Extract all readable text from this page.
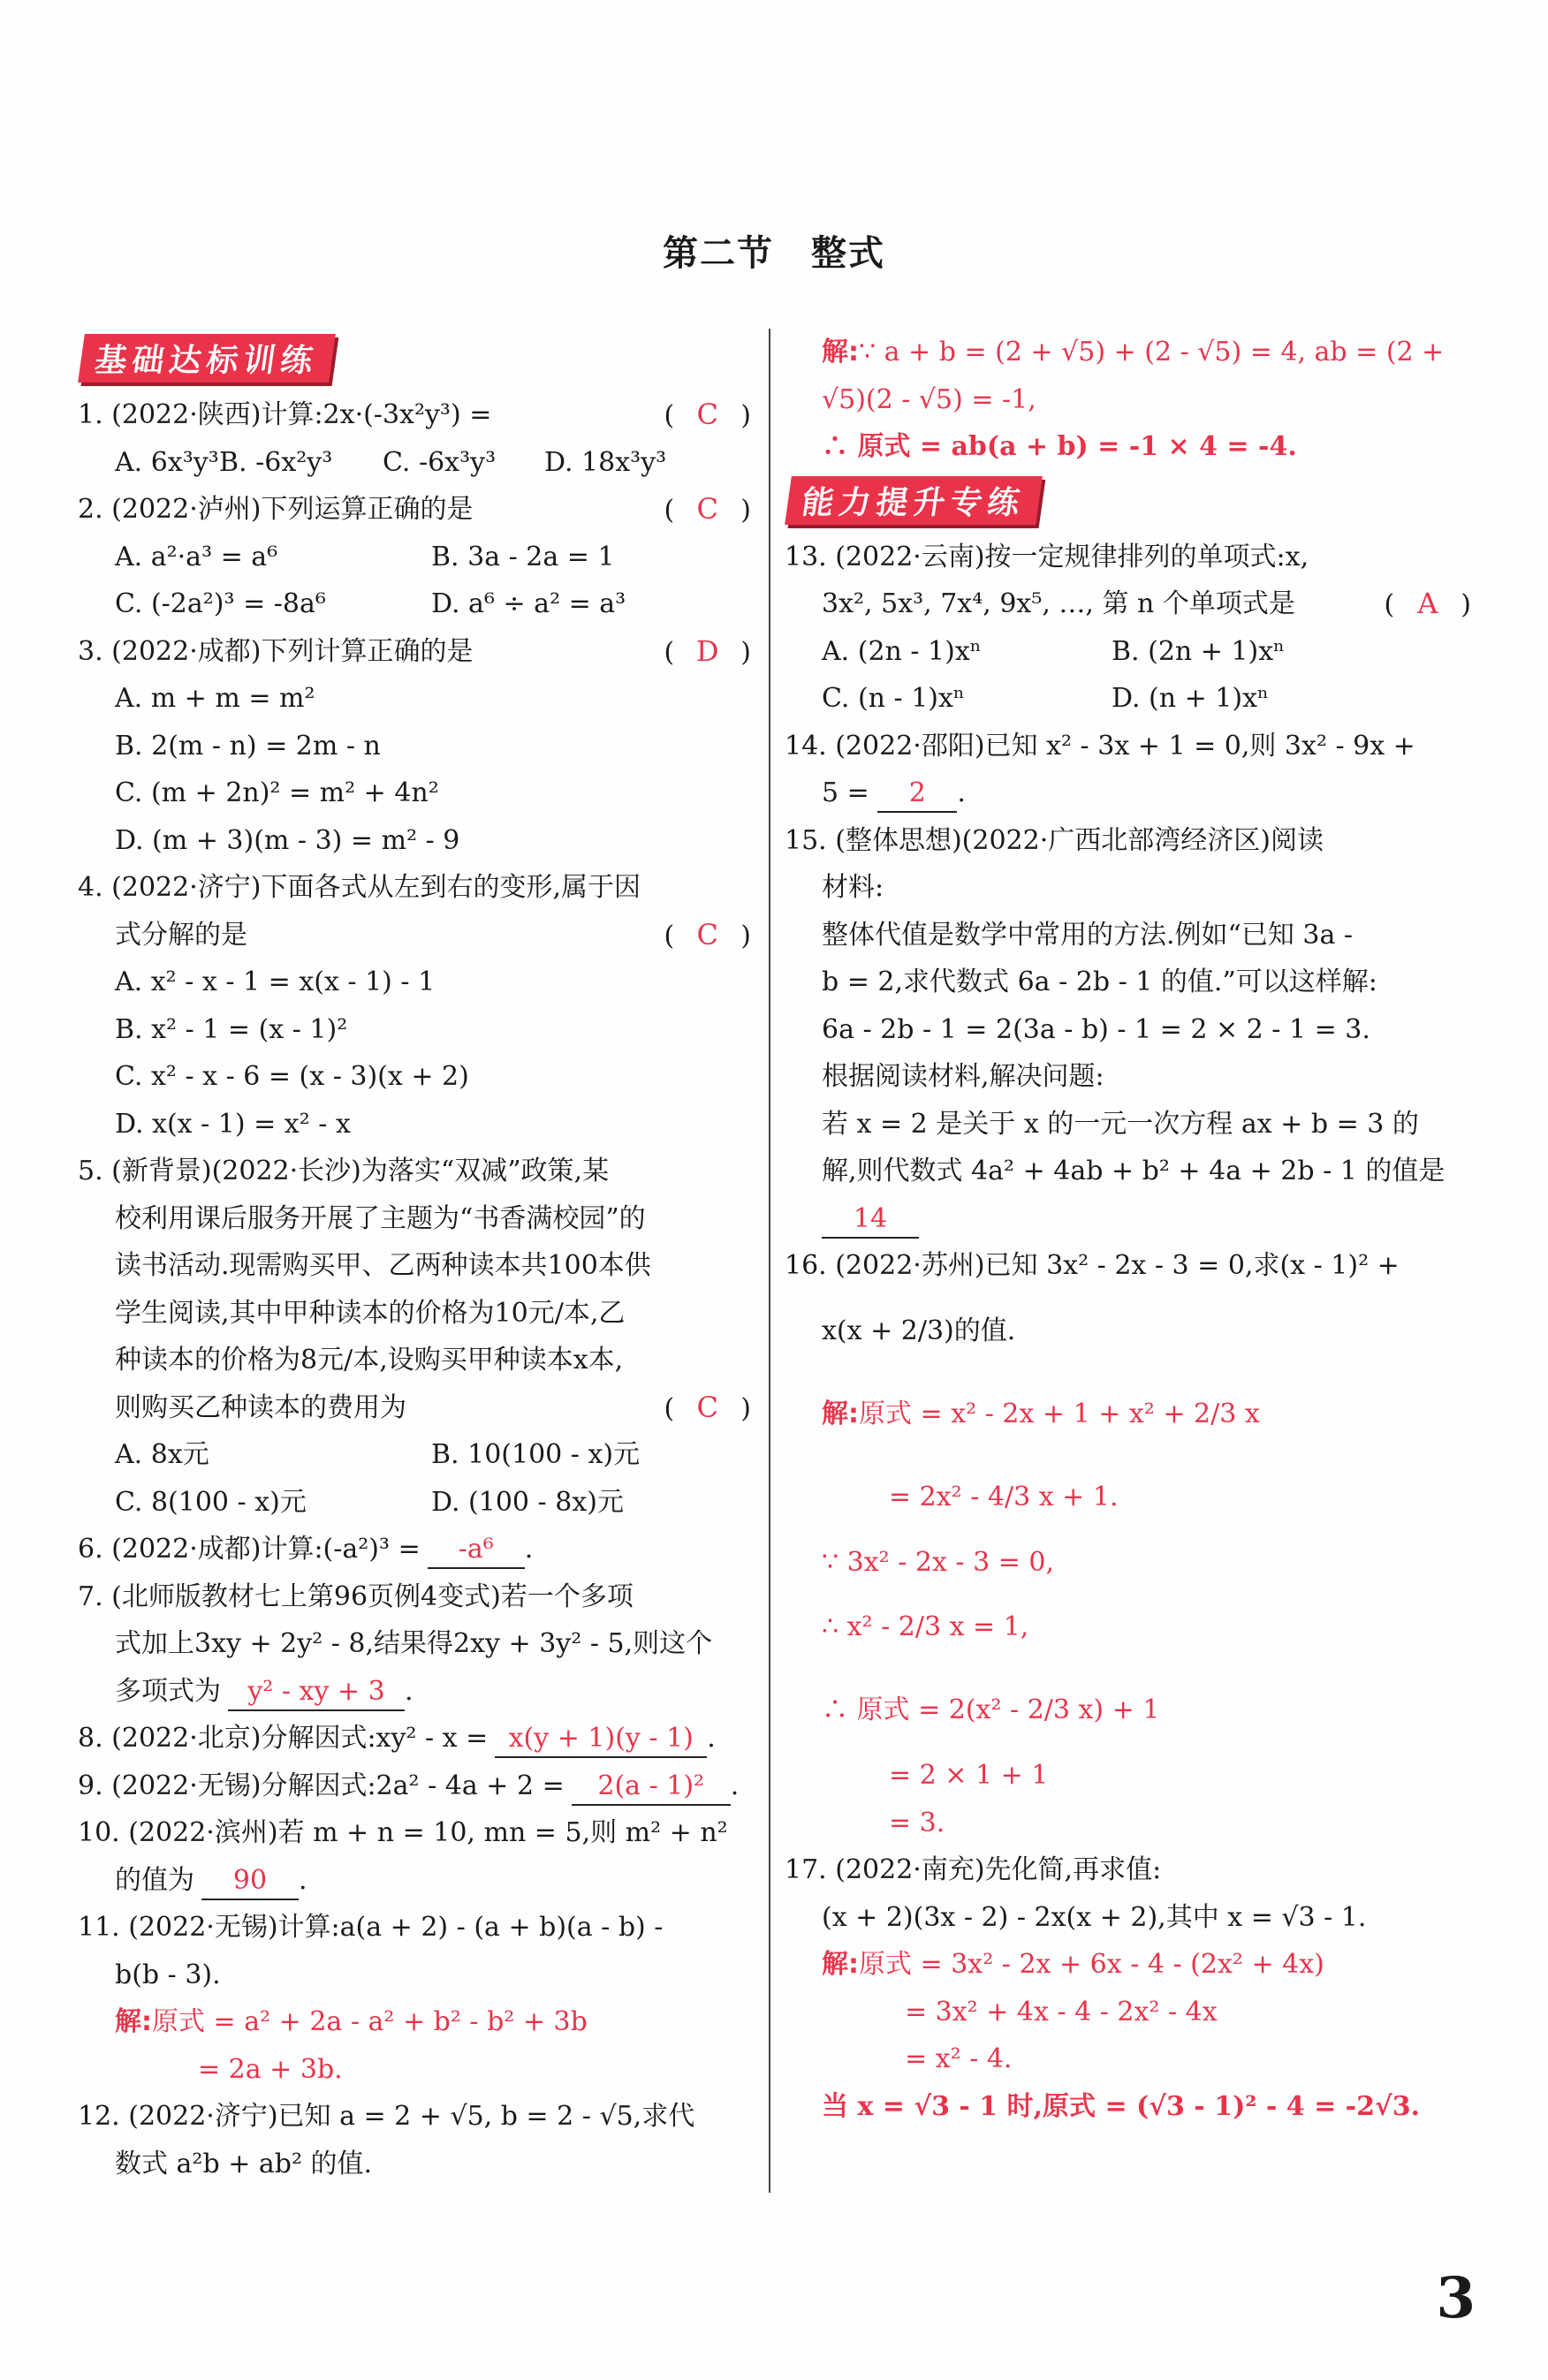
第二节　整式
基础达标训练
1. (2022·陕西)计算:2x·(-3x²y³) =	( C )
A. 6x³y³ B. -6x²y³ C. -6x³y³ D. 18x³y³
2. (2022·泸州)下列运算正确的是	( C )
A. a²·a³ = a⁶	B. 3a - 2a = 1
C. (-2a²)³ = -8a⁶	D. a⁶ ÷ a² = a³
3. (2022·成都)下列计算正确的是	( D )
A. m + m = m²
B. 2(m - n) = 2m - n
C. (m + 2n)² = m² + 4n²
D. (m + 3)(m - 3) = m² - 9
4. (2022·济宁)下面各式从左到右的变形,属于因
式分解的是	( C )
A. x² - x - 1 = x(x - 1) - 1
B. x² - 1 = (x - 1)²
C. x² - x - 6 = (x - 3)(x + 2)
D. x(x - 1) = x² - x
5. (新背景)(2022·长沙)为落实“双减”政策,某
校利用课后服务开展了主题为“书香满校园”的
读书活动.现需购买甲、乙两种读本共100本供
学生阅读,其中甲种读本的价格为10元/本,乙
种读本的价格为8元/本,设购买甲种读本x本,
则购买乙种读本的费用为	( C )
A. 8x元	B. 10(100 - x)元
C. 8(100 - x)元	D. (100 - 8x)元
6. (2022·成都)计算:(-a²)³ = -a⁶ .
7. (北师版教材七上第96页例4变式)若一个多项
式加上3xy + 2y² - 8,结果得2xy + 3y² - 5,则这个
多项式为 y² - xy + 3 .
8. (2022·北京)分解因式:xy² - x = x(y + 1)(y - 1) .
9. (2022·无锡)分解因式:2a² - 4a + 2 = 2(a - 1)² .
10. (2022·滨州)若 m + n = 10, mn = 5,则 m² + n²
的值为 90 .
11. (2022·无锡)计算:a(a + 2) - (a + b)(a - b) -
b(b - 3).
解:原式 = a² + 2a - a² + b² - b² + 3b
= 2a + 3b.
12. (2022·济宁)已知 a = 2 + √5, b = 2 - √5,求代
数式 a²b + ab² 的值.
解:∵ a + b = (2 + √5) + (2 - √5) = 4, ab = (2 +
√5)(2 - √5) = -1,
∴ 原式 = ab(a + b) = -1 × 4 = -4.
能力提升专练
13. (2022·云南)按一定规律排列的单项式:x,
3x², 5x³, 7x⁴, 9x⁵, …, 第 n 个单项式是	( A )
A. (2n - 1)xⁿ	B. (2n + 1)xⁿ
C. (n - 1)xⁿ	D. (n + 1)xⁿ
14. (2022·邵阳)已知 x² - 3x + 1 = 0,则 3x² - 9x +
5 = 2 .
15. (整体思想)(2022·广西北部湾经济区)阅读
材料:
整体代值是数学中常用的方法.例如“已知 3a -
b = 2,求代数式 6a - 2b - 1 的值.”可以这样解:
6a - 2b - 1 = 2(3a - b) - 1 = 2 × 2 - 1 = 3.
根据阅读材料,解决问题:
若 x = 2 是关于 x 的一元一次方程 ax + b = 3 的
解,则代数式 4a² + 4ab + b² + 4a + 2b - 1 的值是
14
16. (2022·苏州)已知 3x² - 2x - 3 = 0,求(x - 1)² +
x(x + 2/3)的值.
解:原式 = x² - 2x + 1 + x² + 2/3 x
= 2x² - 4/3 x + 1.
∵ 3x² - 2x - 3 = 0,
∴ x² - 2/3 x = 1,
∴ 原式 = 2(x² - 2/3 x) + 1
= 2 × 1 + 1
= 3.
17. (2022·南充)先化简,再求值:
(x + 2)(3x - 2) - 2x(x + 2),其中 x = √3 - 1.
解:原式 = 3x² - 2x + 6x - 4 - (2x² + 4x)
= 3x² + 4x - 4 - 2x² - 4x
= x² - 4.
当 x = √3 - 1 时,原式 = (√3 - 1)² - 4 = -2√3.
3
